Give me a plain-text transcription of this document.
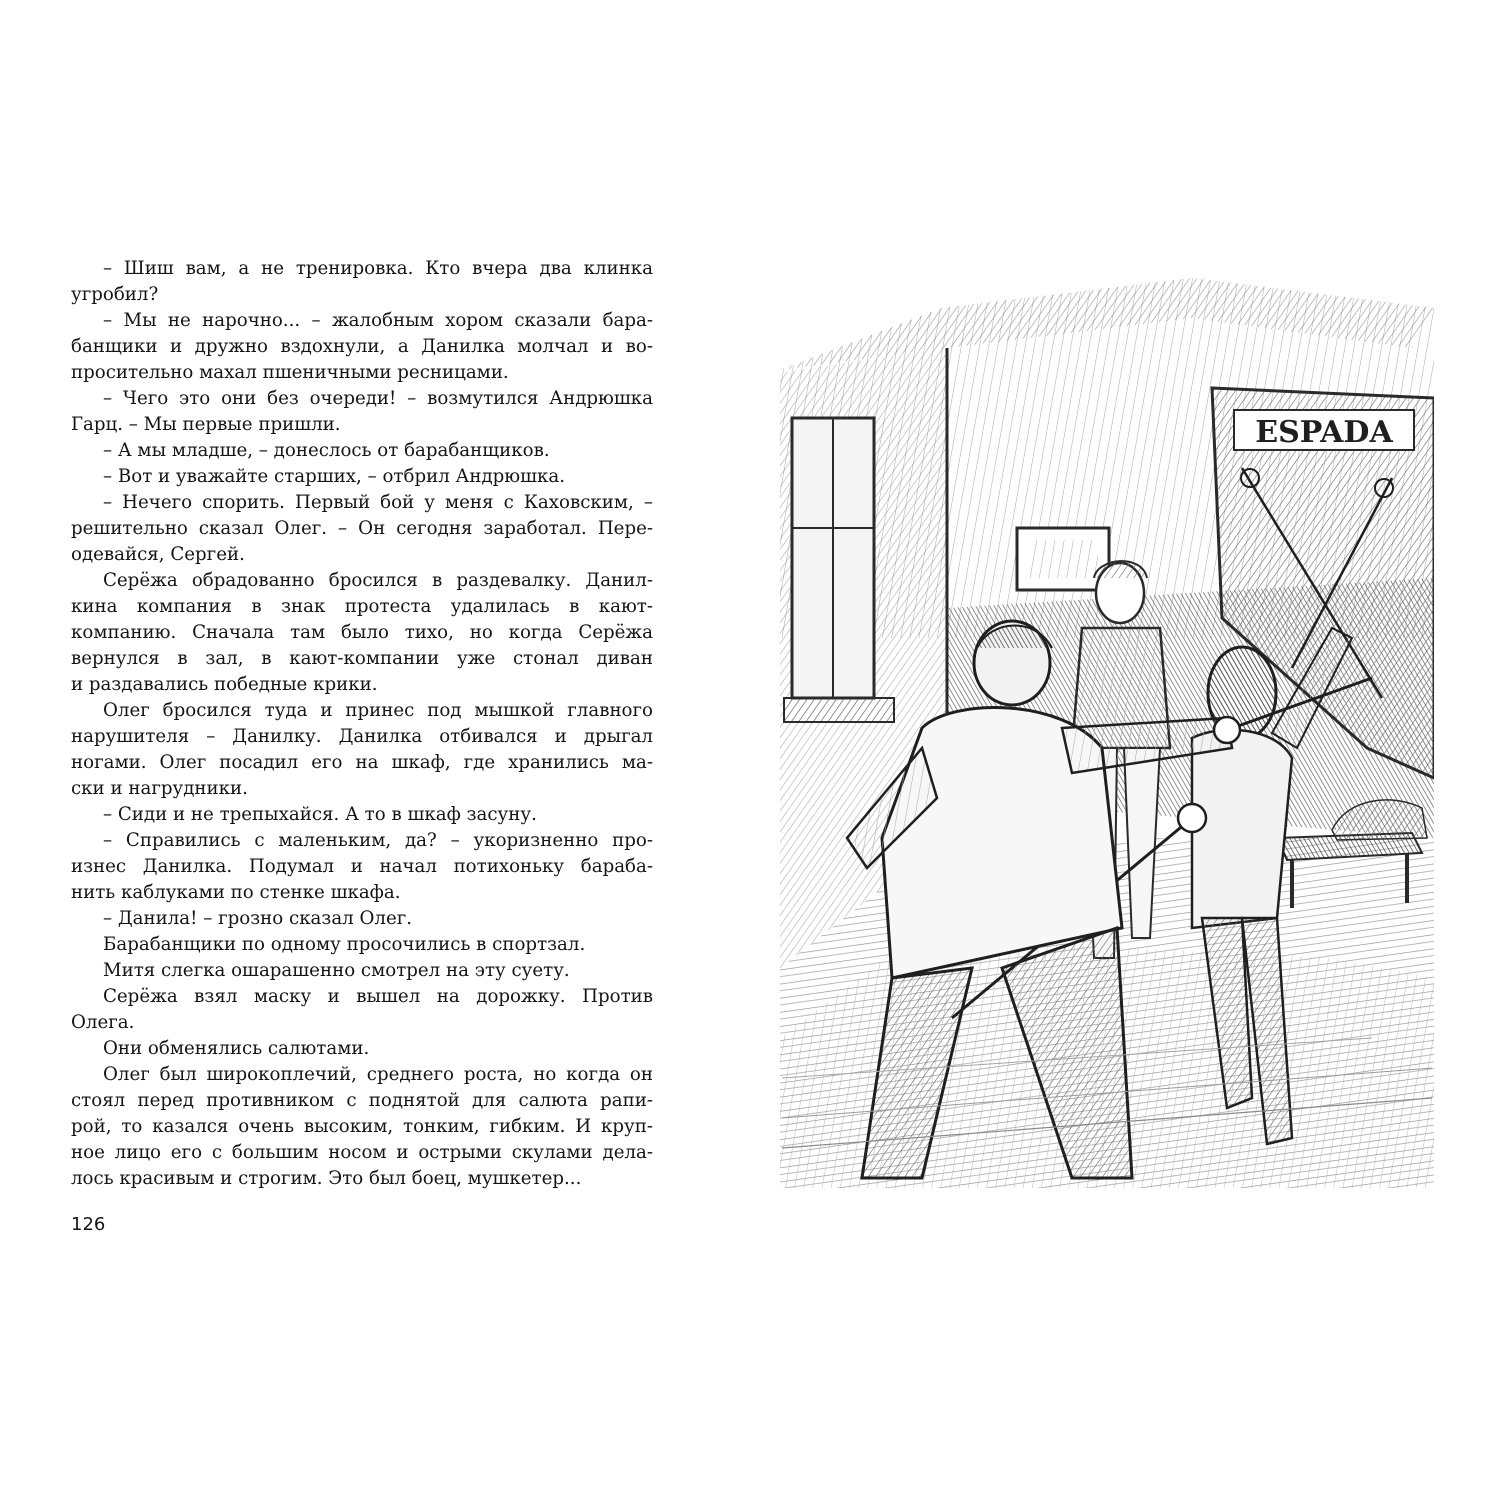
– Шиш вам, а не тренировка. Кто вчера два клинка
угробил?
– Мы не нарочно... – жалобным хором сказали бара-
банщики и дружно вздохнули, а Данилка молчал и во-
просительно махал пшеничными ресницами.
– Чего это они без очереди! – возмутился Андрюшка
Гарц. – Мы первые пришли.
– А мы младше, – донеслось от барабанщиков.
– Вот и уважайте старших, – отбрил Андрюшка.
– Нечего спорить. Первый бой у меня с Каховским, –
решительно сказал Олег. – Он сегодня заработал. Пере-
одевайся, Сергей.
Серёжа обрадованно бросился в раздевалку. Данил-
кина компания в знак протеста удалилась в кают-
компанию. Сначала там было тихо, но когда Серёжа
вернулся в зал, в кают-компании уже стонал диван
и раздавались победные крики.
Олег бросился туда и принес под мышкой главного
нарушителя – Данилку. Данилка отбивался и дрыгал
ногами. Олег посадил его на шкаф, где хранились ма-
ски и нагрудники.
– Сиди и не трепыхайся. А то в шкаф засуну.
– Справились с маленьким, да? – укоризненно про-
изнес Данилка. Подумал и начал потихоньку бараба-
нить каблуками по стенке шкафа.
– Данила! – грозно сказал Олег.
Барабанщики по одному просочились в спортзал.
Митя слегка ошарашенно смотрел на эту суету.
Серёжа взял маску и вышел на дорожку. Против
Олега.
Они обменялись салютами.
Олег был широкоплечий, среднего роста, но когда он
стоял перед противником с поднятой для салюта рапи-
рой, то казался очень высоким, тонким, гибким. И круп-
ное лицо его с большим носом и острыми скулами дела-
лось красивым и строгим. Это был боец, мушкетер...
126
ESPADA
